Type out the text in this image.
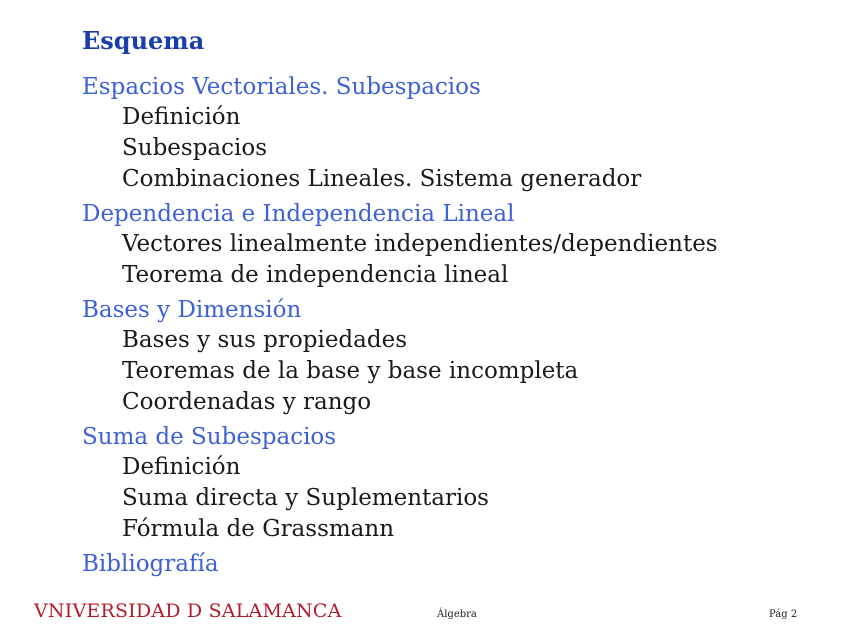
Esquema
Espacios Vectoriales. Subespacios
Definición
Subespacios
Combinaciones Lineales. Sistema generador
Dependencia e Independencia Lineal
Vectores linealmente independientes/dependientes
Teorema de independencia lineal
Bases y Dimensión
Bases y sus propiedades
Teoremas de la base y base incompleta
Coordenadas y rango
Suma de Subespacios
Definición
Suma directa y Suplementarios
Fórmula de Grassmann
Bibliografía
VNIVERSIDAD D SALAMANCA	Álgebra	Pág 2
